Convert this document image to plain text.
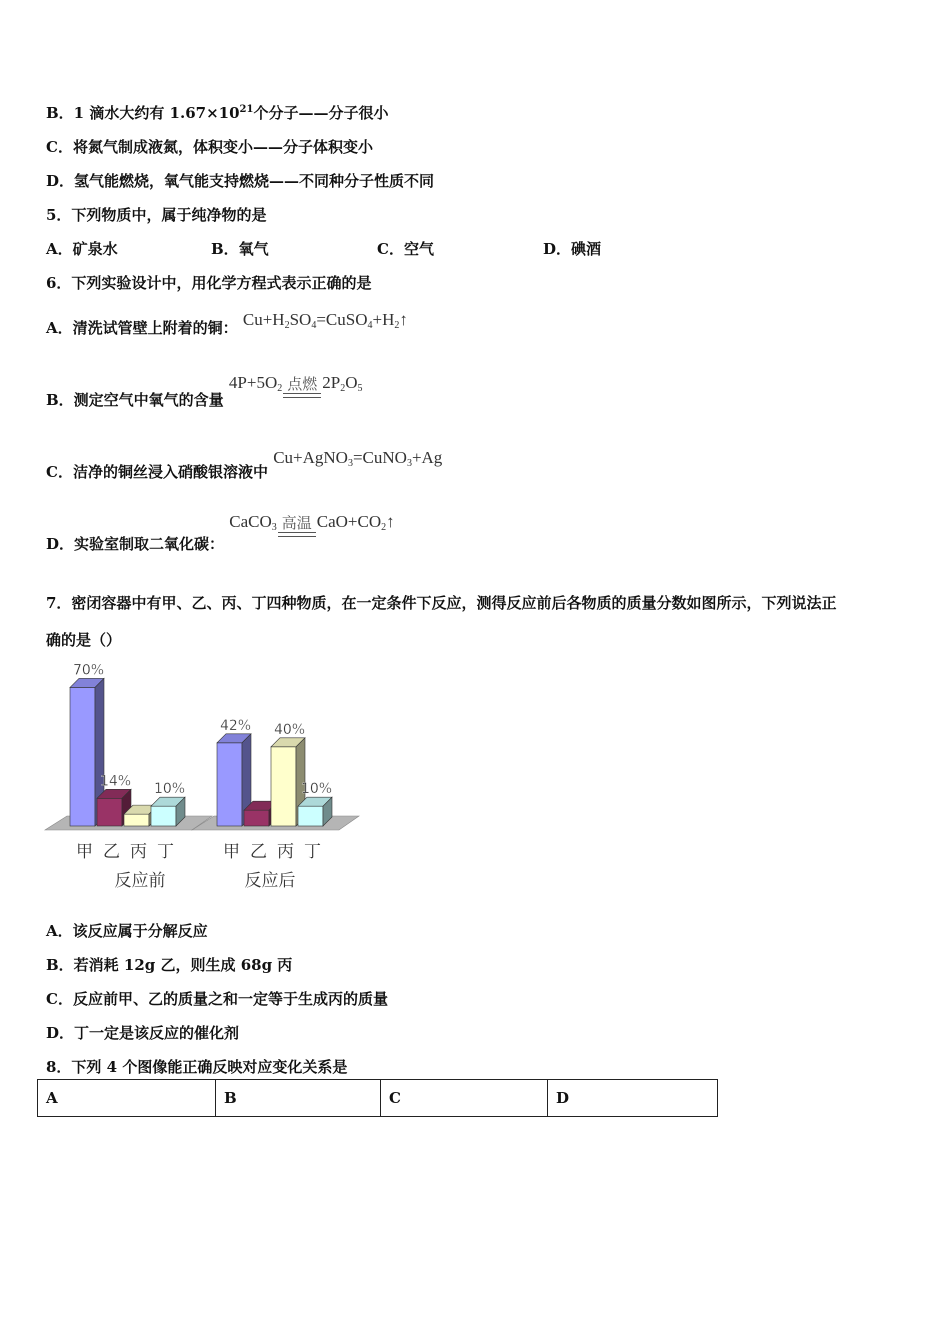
B．1 滴水大约有 $1.67\times 10^{21}$个分子——分子很小
C．将氮气制成液氮，体积变小——分子体积变小
D．氢气能燃烧，氧气能支持燃烧——不同种分子性质不同
5．下列物质中，属于纯净物的是
A．矿泉水	B．氧气	C．空气	D．碘酒
6．下列实验设计中，用化学方程式表示正确的是
A．清洗试管壁上附着的铜： $Cu+H_2SO_4=CuSO_4+H_2↑$
B．测定空气中氧气的含量 $4P+5O_2$ 点燃 $2P_2O_5$
C．洁净的铜丝浸入硝酸银溶液中 Cu+AgNO$_3$=CuNO$_3$+Ag
D．实验室制取二氧化碳： CaCO$_3$ 高温 $CaO+CO_2↑$
7．密闭容器中有甲、乙、丙、丁四种物质，在一定条件下反应，测得反应前后各物质的质量分数如图所示，下列说法正
确的是（）
70%
甲
14%
乙 丙
10%
丁
反应前
42%
甲 乙
40%
丙
10%
丁
反应后
A．该反应属于分解反应
B．若消耗 12g 乙，则生成 68g 丙
C．反应前甲、乙的质量之和一定等于生成丙的质量
D．丁一定是该反应的催化剂
8．下列 4 个图像能正确反映对应变化关系是
A	B	C	D
